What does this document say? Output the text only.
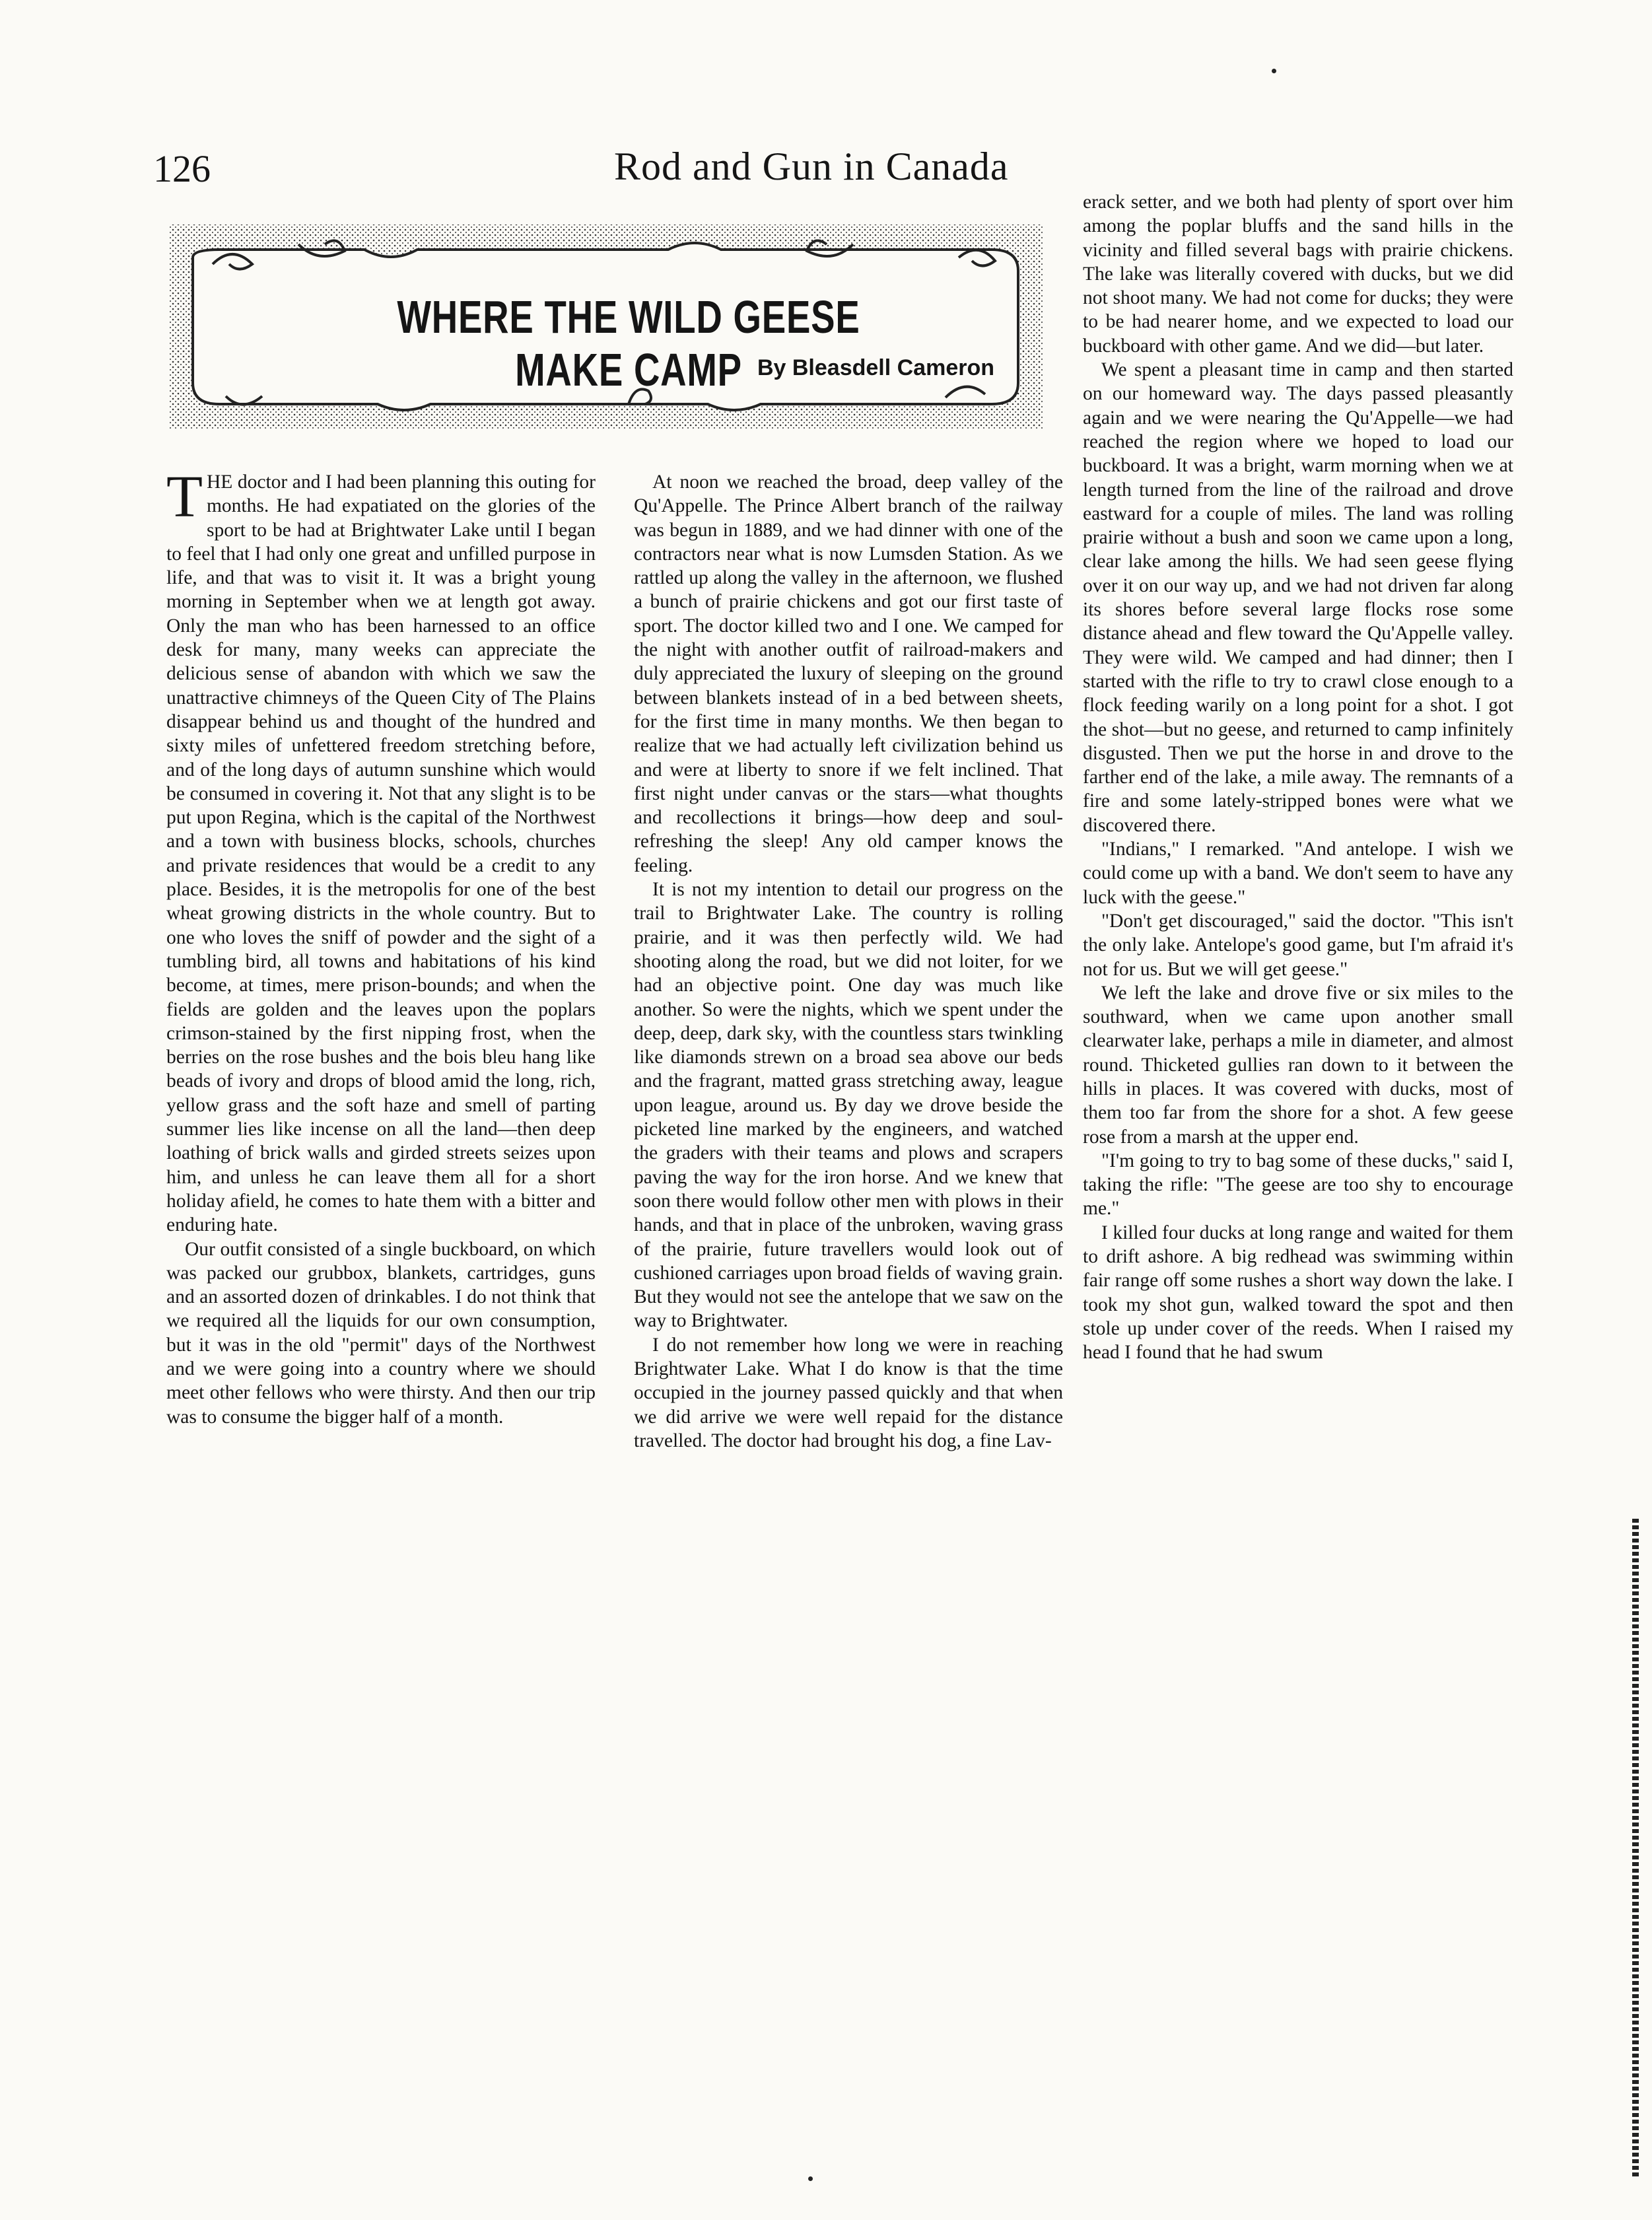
126	Rod and Gun in Canada
WHERE THE WILD GEESE MAKE CAMP By Bleasdell Cameron

THE doctor and I had been planning this outing for months. He had expatiated on the glories of the sport to be had at Brightwater Lake until I began to feel that I had only one great and unfilled purpose in life, and that was to visit it. It was a bright young morning in September when we at length got away. Only the man who has been harnessed to an office desk for many, many weeks can appreciate the delicious sense of abandon with which we saw the unattractive chimneys of the Queen City of The Plains disappear behind us and thought of the hundred and sixty miles of unfettered freedom stretching before, and of the long days of autumn sunshine which would be consumed in covering it. Not that any slight is to be put upon Regina, which is the capital of the Northwest and a town with business blocks, schools, churches and private residences that would be a credit to any place. Besides, it is the metropolis for one of the best wheat growing districts in the whole country. But to one who loves the sniff of powder and the sight of a tumbling bird, all towns and habitations of his kind become, at times, mere prison-bounds; and when the fields are golden and the leaves upon the poplars crimson-stained by the first nipping frost, when the berries on the rose bushes and the bois bleu hang like beads of ivory and drops of blood amid the long, rich, yellow grass and the soft haze and smell of parting summer lies like incense on all the land—then deep loathing of brick walls and girded streets seizes upon him, and unless he can leave them all for a short holiday afield, he comes to hate them with a bitter and enduring hate.

Our outfit consisted of a single buckboard, on which was packed our grubbox, blankets, cartridges, guns and an assorted dozen of drinkables. I do not think that we required all the liquids for our own consumption, but it was in the old "permit" days of the Northwest and we were going into a country where we should meet other fellows who were thirsty. And then our trip was to consume the bigger half of a month.

At noon we reached the broad, deep valley of the Qu'Appelle. The Prince Albert branch of the railway was begun in 1889, and we had dinner with one of the contractors near what is now Lumsden Station. As we rattled up along the valley in the afternoon, we flushed a bunch of prairie chickens and got our first taste of sport. The doctor killed two and I one. We camped for the night with another outfit of railroad-makers and duly appreciated the luxury of sleeping on the ground between blankets instead of in a bed between sheets, for the first time in many months. We then began to realize that we had actually left civilization behind us and were at liberty to snore if we felt inclined. That first night under canvas or the stars—what thoughts and recollections it brings—how deep and soul-refreshing the sleep! Any old camper knows the feeling.

It is not my intention to detail our progress on the trail to Brightwater Lake. The country is rolling prairie, and it was then perfectly wild. We had shooting along the road, but we did not loiter, for we had an objective point. One day was much like another. So were the nights, which we spent under the deep, deep, dark sky, with the countless stars twinkling like diamonds strewn on a broad sea above our beds and the fragrant, matted grass stretching away, league upon league, around us. By day we drove beside the picketed line marked by the engineers, and watched the graders with their teams and plows and scrapers paving the way for the iron horse. And we knew that soon there would follow other men with plows in their hands, and that in place of the unbroken, waving grass of the prairie, future travellers would look out of cushioned carriages upon broad fields of waving grain. But they would not see the antelope that we saw on the way to Brightwater.

I do not remember how long we were in reaching Brightwater Lake. What I do know is that the time occupied in the journey passed quickly and that when we did arrive we were well repaid for the distance travelled. The doctor had brought his dog, a fine Lav-

erack setter, and we both had plenty of sport over him among the poplar bluffs and the sand hills in the vicinity and filled several bags with prairie chickens. The lake was literally covered with ducks, but we did not shoot many. We had not come for ducks; they were to be had nearer home, and we expected to load our buckboard with other game. And we did—but later.

We spent a pleasant time in camp and then started on our homeward way. The days passed pleasantly again and we were nearing the Qu'Appelle—we had reached the region where we hoped to load our buckboard. It was a bright, warm morning when we at length turned from the line of the railroad and drove eastward for a couple of miles. The land was rolling prairie without a bush and soon we came upon a long, clear lake among the hills. We had seen geese flying over it on our way up, and we had not driven far along its shores before several large flocks rose some distance ahead and flew toward the Qu'Appelle valley. They were wild. We camped and had dinner; then I started with the rifle to try to crawl close enough to a flock feeding warily on a long point for a shot. I got the shot—but no geese, and returned to camp infinitely disgusted. Then we put the horse in and drove to the farther end of the lake, a mile away. The remnants of a fire and some lately-stripped bones were what we discovered there.

"Indians," I remarked. "And antelope. I wish we could come up with a band. We don't seem to have any luck with the geese."

"Don't get discouraged," said the doctor. "This isn't the only lake. Antelope's good game, but I'm afraid it's not for us. But we will get geese."

We left the lake and drove five or six miles to the southward, when we came upon another small clearwater lake, perhaps a mile in diameter, and almost round. Thicketed gullies ran down to it between the hills in places. It was covered with ducks, most of them too far from the shore for a shot. A few geese rose from a marsh at the upper end.

"I'm going to try to bag some of these ducks," said I, taking the rifle: "The geese are too shy to encourage me."

I killed four ducks at long range and waited for them to drift ashore. A big redhead was swimming within fair range off some rushes a short way down the lake. I took my shot gun, walked toward the spot and then stole up under cover of the reeds. When I raised my head I found that he had swum
